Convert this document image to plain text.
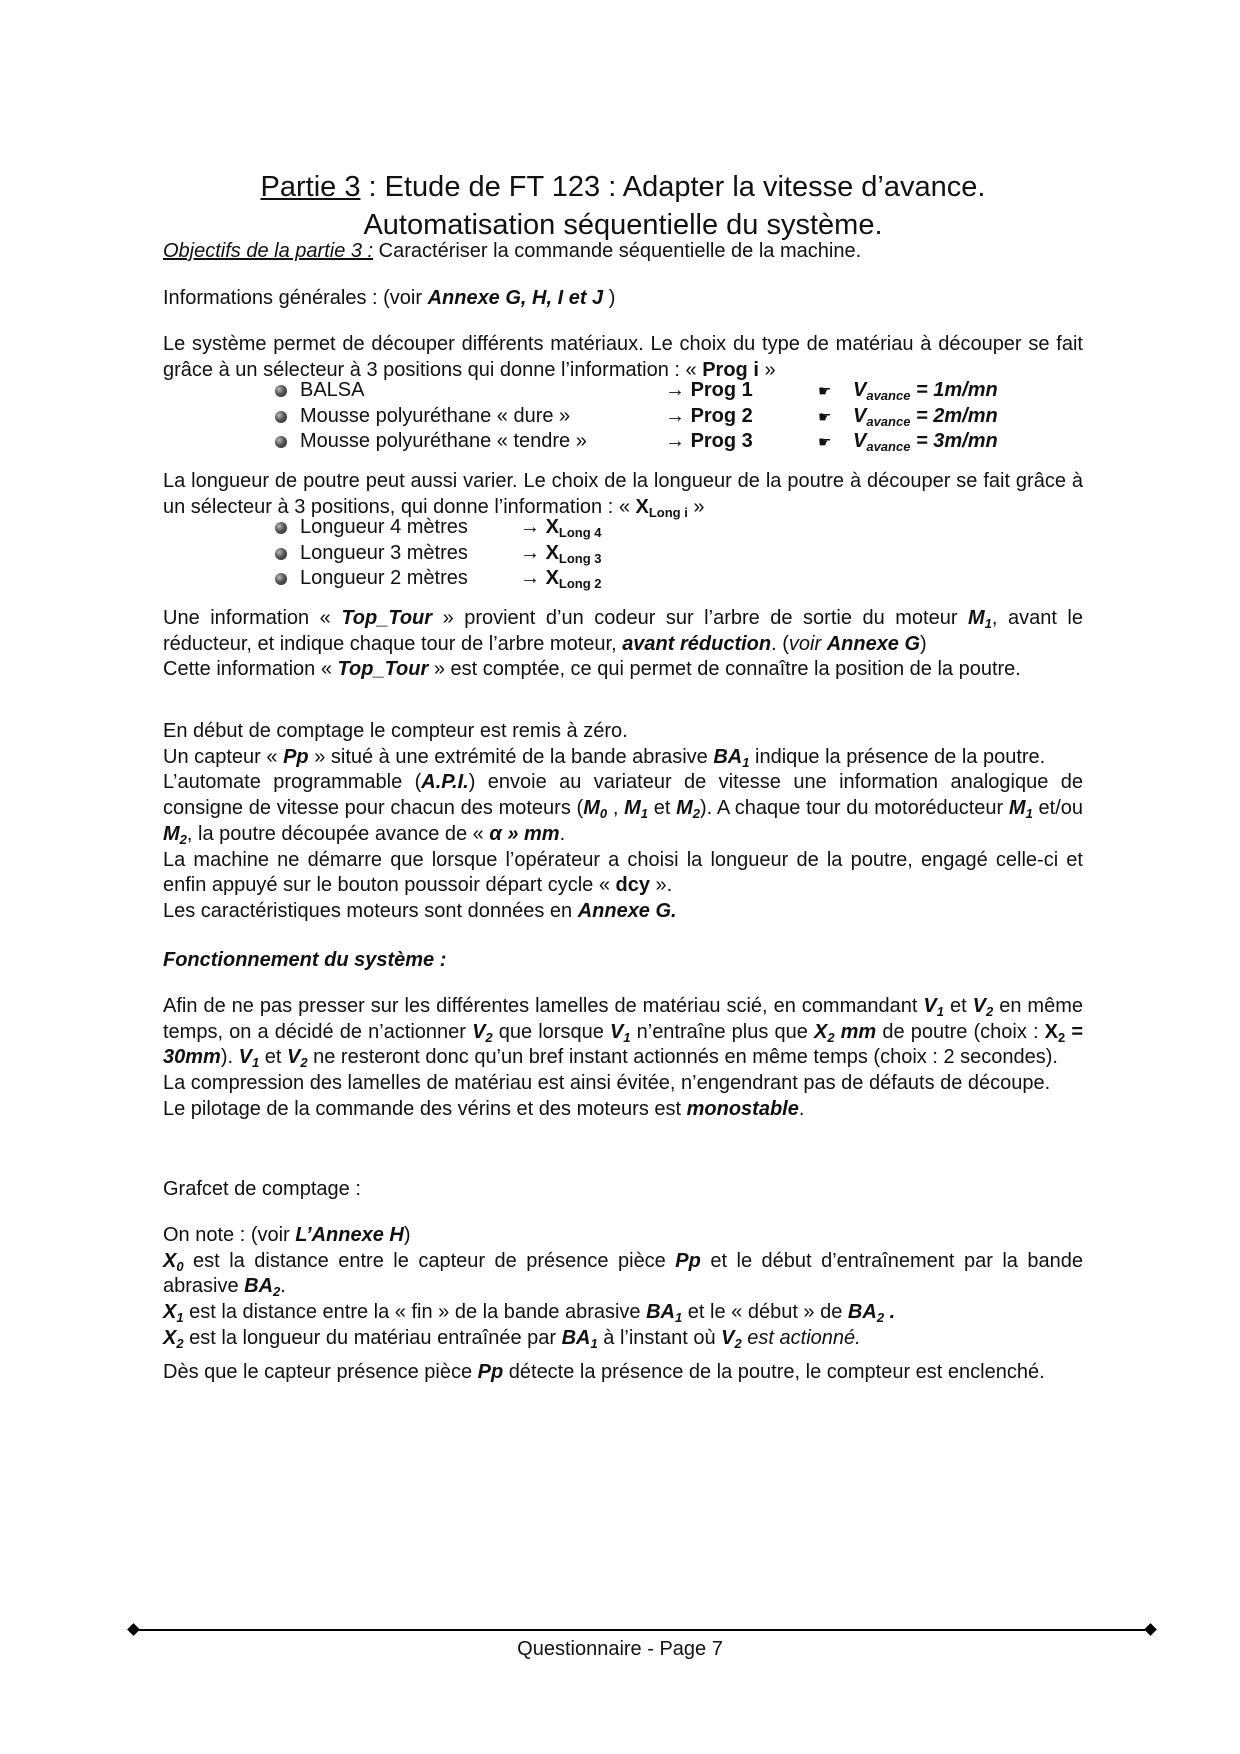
Partie 3 : Etude de FT 123 : Adapter la vitesse d’avance.
Automatisation séquentielle du système.

Objectifs de la partie 3 : Caractériser la commande séquentielle de la machine.

Informations générales : (voir Annexe G, H, I et J )

Le système permet de découper différents matériaux. Le choix du type de matériau à découper se fait grâce à un sélecteur à 3 positions qui donne l’information : « Prog i »

BALSA	→ Prog 1	☛ $V_{avance} = 1m/mn$
Mousse polyuréthane « dure »	→ Prog 2	☛ $V_{avance} = 2m/mn$
Mousse polyuréthane « tendre »	→ Prog 3	☛ $V_{avance} = 3m/mn$

La longueur de poutre peut aussi varier. Le choix de la longueur de la poutre à découper se fait grâce à un sélecteur à 3 positions, qui donne l’information : « $X_{Long i}$ »

Longueur 4 mètres	→ $X_{Long 4}$
Longueur 3 mètres	→ $X_{Long 3}$
Longueur 2 mètres	→ $X_{Long 2}$

Une information « Top_Tour » provient d’un codeur sur l’arbre de sortie du moteur $M_1$, avant le réducteur, et indique chaque tour de l’arbre moteur, avant réduction. (voir Annexe G)

Cette information « Top_Tour » est comptée, ce qui permet de connaître la position de la poutre.

En début de comptage le compteur est remis à zéro.

Un capteur « Pp » situé à une extrémité de la bande abrasive $BA_1$ indique la présence de la poutre.

L’automate programmable (A.P.I.) envoie au variateur de vitesse une information analogique de consigne de vitesse pour chacun des moteurs ($M_0$ , $M_1$ et $M_2$). A chaque tour du motoréducteur $M_1$ et/ou $M_2$, la poutre découpée avance de « α » mm.

La machine ne démarre que lorsque l’opérateur a choisi la longueur de la poutre, engagé celle-ci et enfin appuyé sur le bouton poussoir départ cycle « dcy ».

Les caractéristiques moteurs sont données en Annexe G.

Fonctionnement du système :

Afin de ne pas presser sur les différentes lamelles de matériau scié, en commandant $V_1$ et $V_2$ en même temps, on a décidé de n’actionner $V_2$ que lorsque $V_1$ n’entraîne plus que $X_2$ mm de poutre (choix : $X_2 = 30mm$). $V_1$ et $V_2$ ne resteront donc qu’un bref instant actionnés en même temps (choix : 2 secondes).

La compression des lamelles de matériau est ainsi évitée, n’engendrant pas de défauts de découpe.

Le pilotage de la commande des vérins et des moteurs est monostable.

Grafcet de comptage :

On note : (voir L’Annexe H)

$X_0$ est la distance entre le capteur de présence pièce Pp et le début d’entraînement par la bande abrasive $BA_2$.

$X_1$ est la distance entre la « fin » de la bande abrasive $BA_1$ et le « début » de $BA_2$ .

$X_2$ est la longueur du matériau entraînée par $BA_1$ à l’instant où $V_2$ est actionné.

Dès que le capteur présence pièce Pp détecte la présence de la poutre, le compteur est enclenché.

Questionnaire - Page 7
